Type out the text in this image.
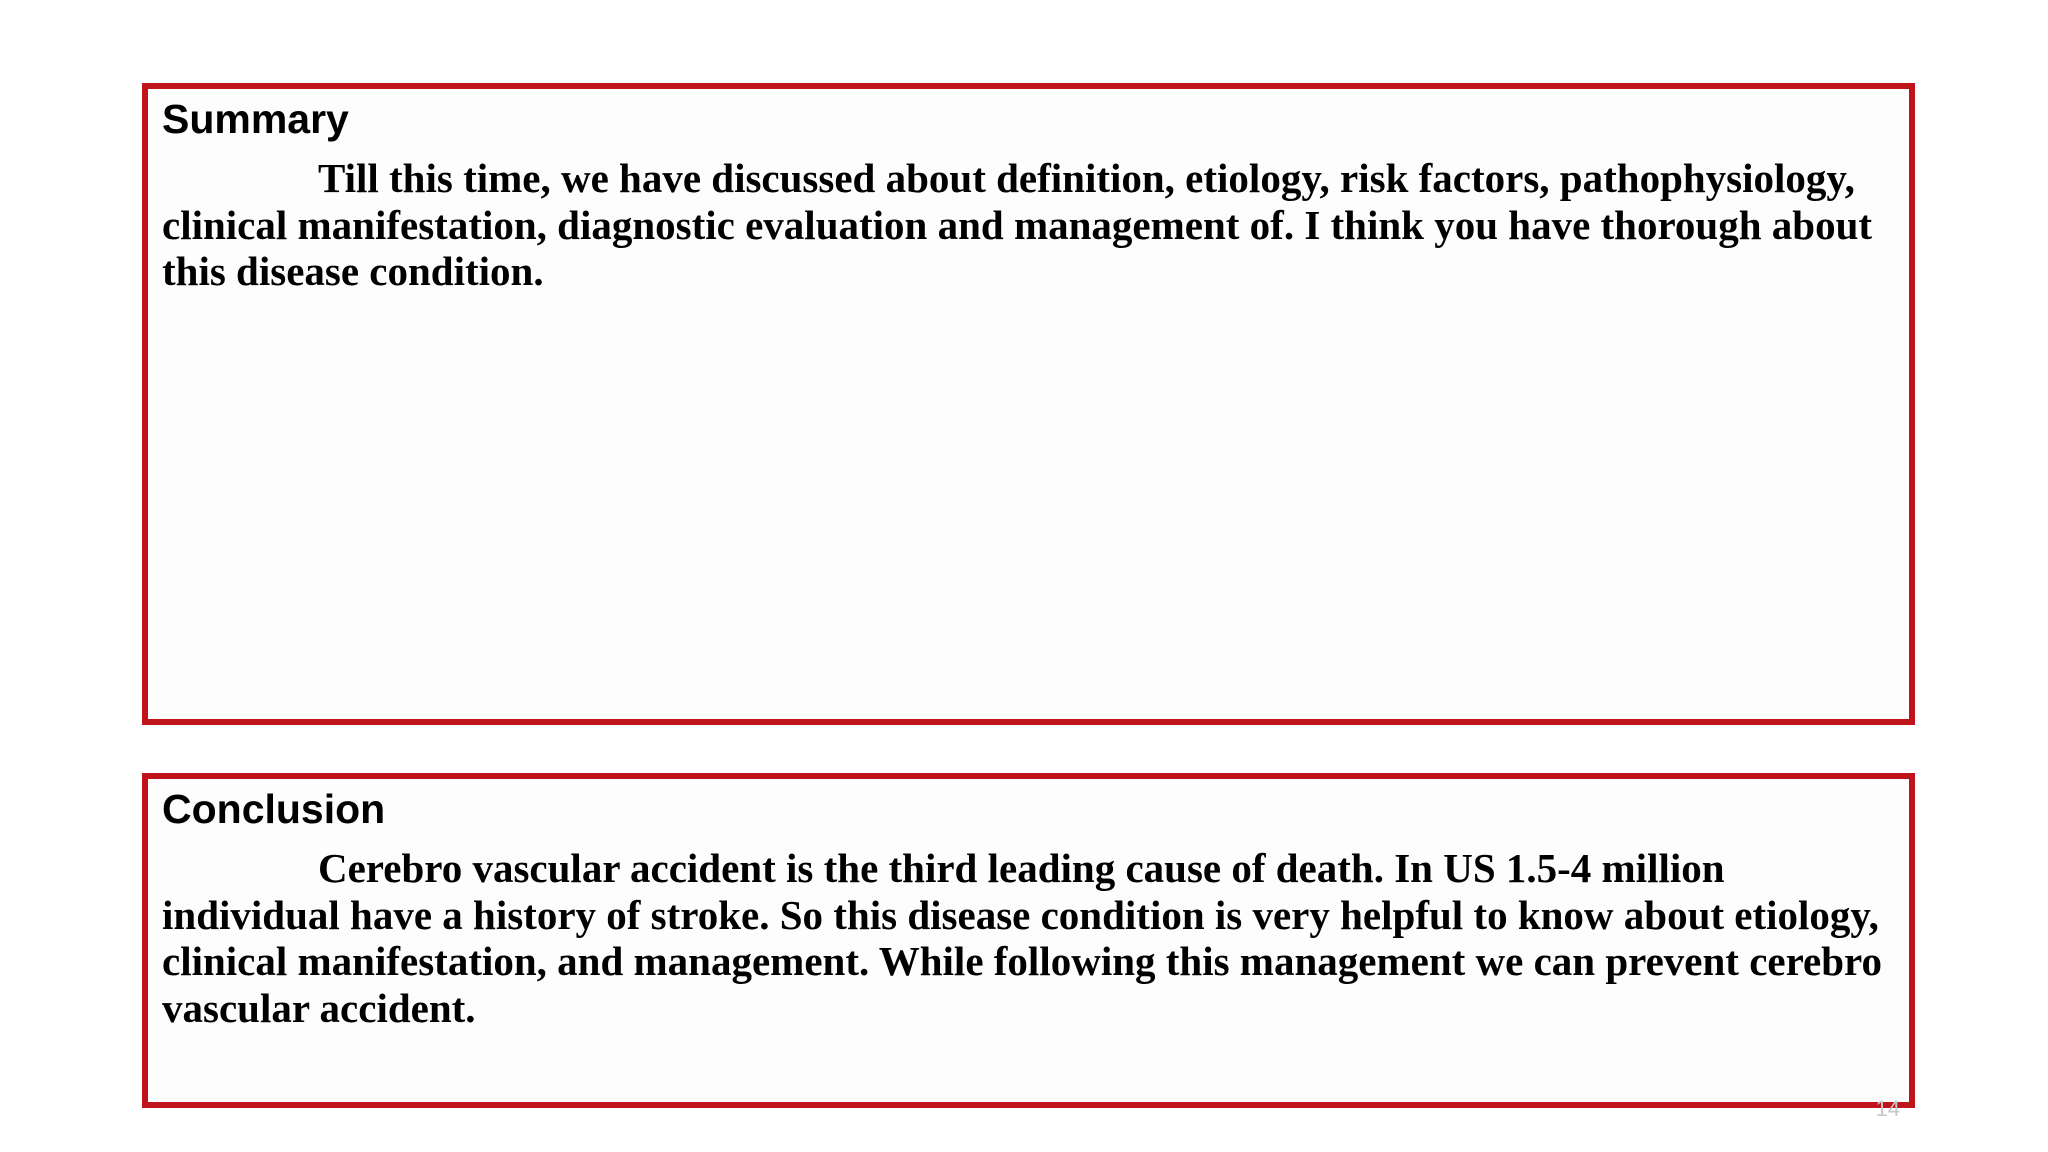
Summary

Till this time, we have discussed about definition, etiology, risk factors, pathophysiology, clinical manifestation, diagnostic evaluation and management of. I think you have thorough about this disease condition.

Conclusion

Cerebro vascular accident is the third leading cause of death. In US 1.5-4 million individual have a history of stroke. So this disease condition is very helpful to know about etiology, clinical manifestation, and management. While following this management we can prevent cerebro vascular accident.

14
